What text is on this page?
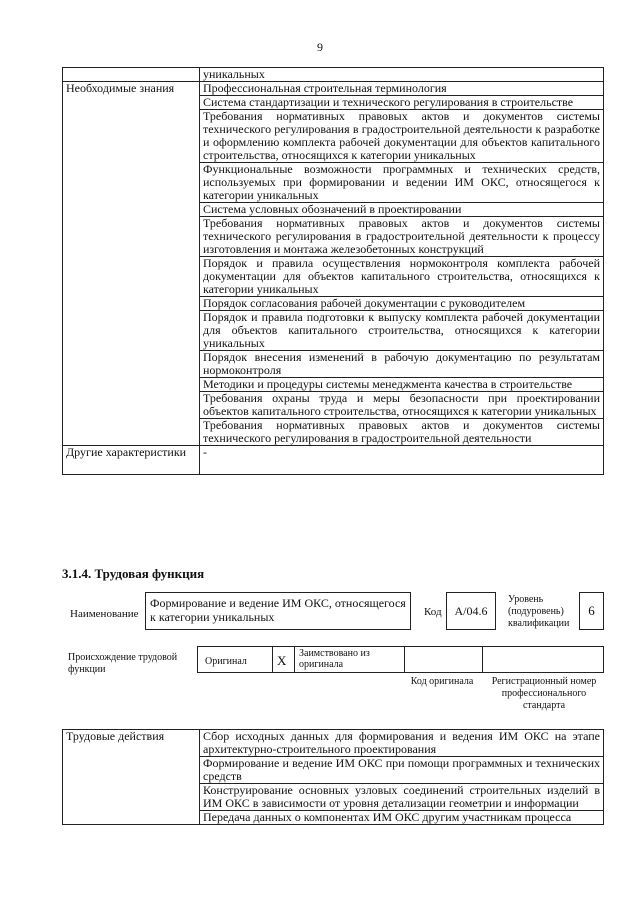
9
	уникальных
Необходимые знания	Профессиональная строительная терминология
	Система стандартизации и технического регулирования в строительстве
	Требования нормативных правовых актов и документов системы технического регулирования в градостроительной деятельности к разработке и оформлению комплекта рабочей документации для объектов капитального строительства, относящихся к категории уникальных
	Функциональные возможности программных и технических средств, используемых при формировании и ведении ИМ ОКС, относящегося к категории уникальных
	Система условных обозначений в проектировании
	Требования нормативных правовых актов и документов системы технического регулирования в градостроительной деятельности к процессу изготовления и монтажа железобетонных конструкций
	Порядок и правила осуществления нормоконтроля комплекта рабочей документации для объектов капитального строительства, относящихся к категории уникальных
	Порядок согласования рабочей документации с руководителем
	Порядок и правила подготовки к выпуску комплекта рабочей документации для объектов капитального строительства, относящихся к категории уникальных
	Порядок внесения изменений в рабочую документацию по результатам нормоконтроля
	Методики и процедуры системы менеджмента качества в строительстве
	Требования охраны труда и меры безопасности при проектировании объектов капитального строительства, относящихся к категории уникальных
	Требования нормативных правовых актов и документов системы технического регулирования в градостроительной деятельности
Другие характеристики	-
3.1.4. Трудовая функция
Наименование
Формирование и ведение ИМ ОКС, относящегося к категории уникальных	Код	A/04.6
Уровень (подуровень) квалификации
6
Происхождение трудовой функции
Оригинал X Заимствовано из оригинала
Код оригинала	Регистрационный номер профессионального стандарта
Трудовые действия	Сбор исходных данных для формирования и ведения ИМ ОКС на этапе архитектурно-строительного проектирования
Формирование и ведение ИМ ОКС при помощи программных и технических средств
Конструирование основных узловых соединений строительных изделий в ИМ ОКС в зависимости от уровня детализации геометрии и информации
Передача данных о компонентах ИМ ОКС другим участникам процесса
